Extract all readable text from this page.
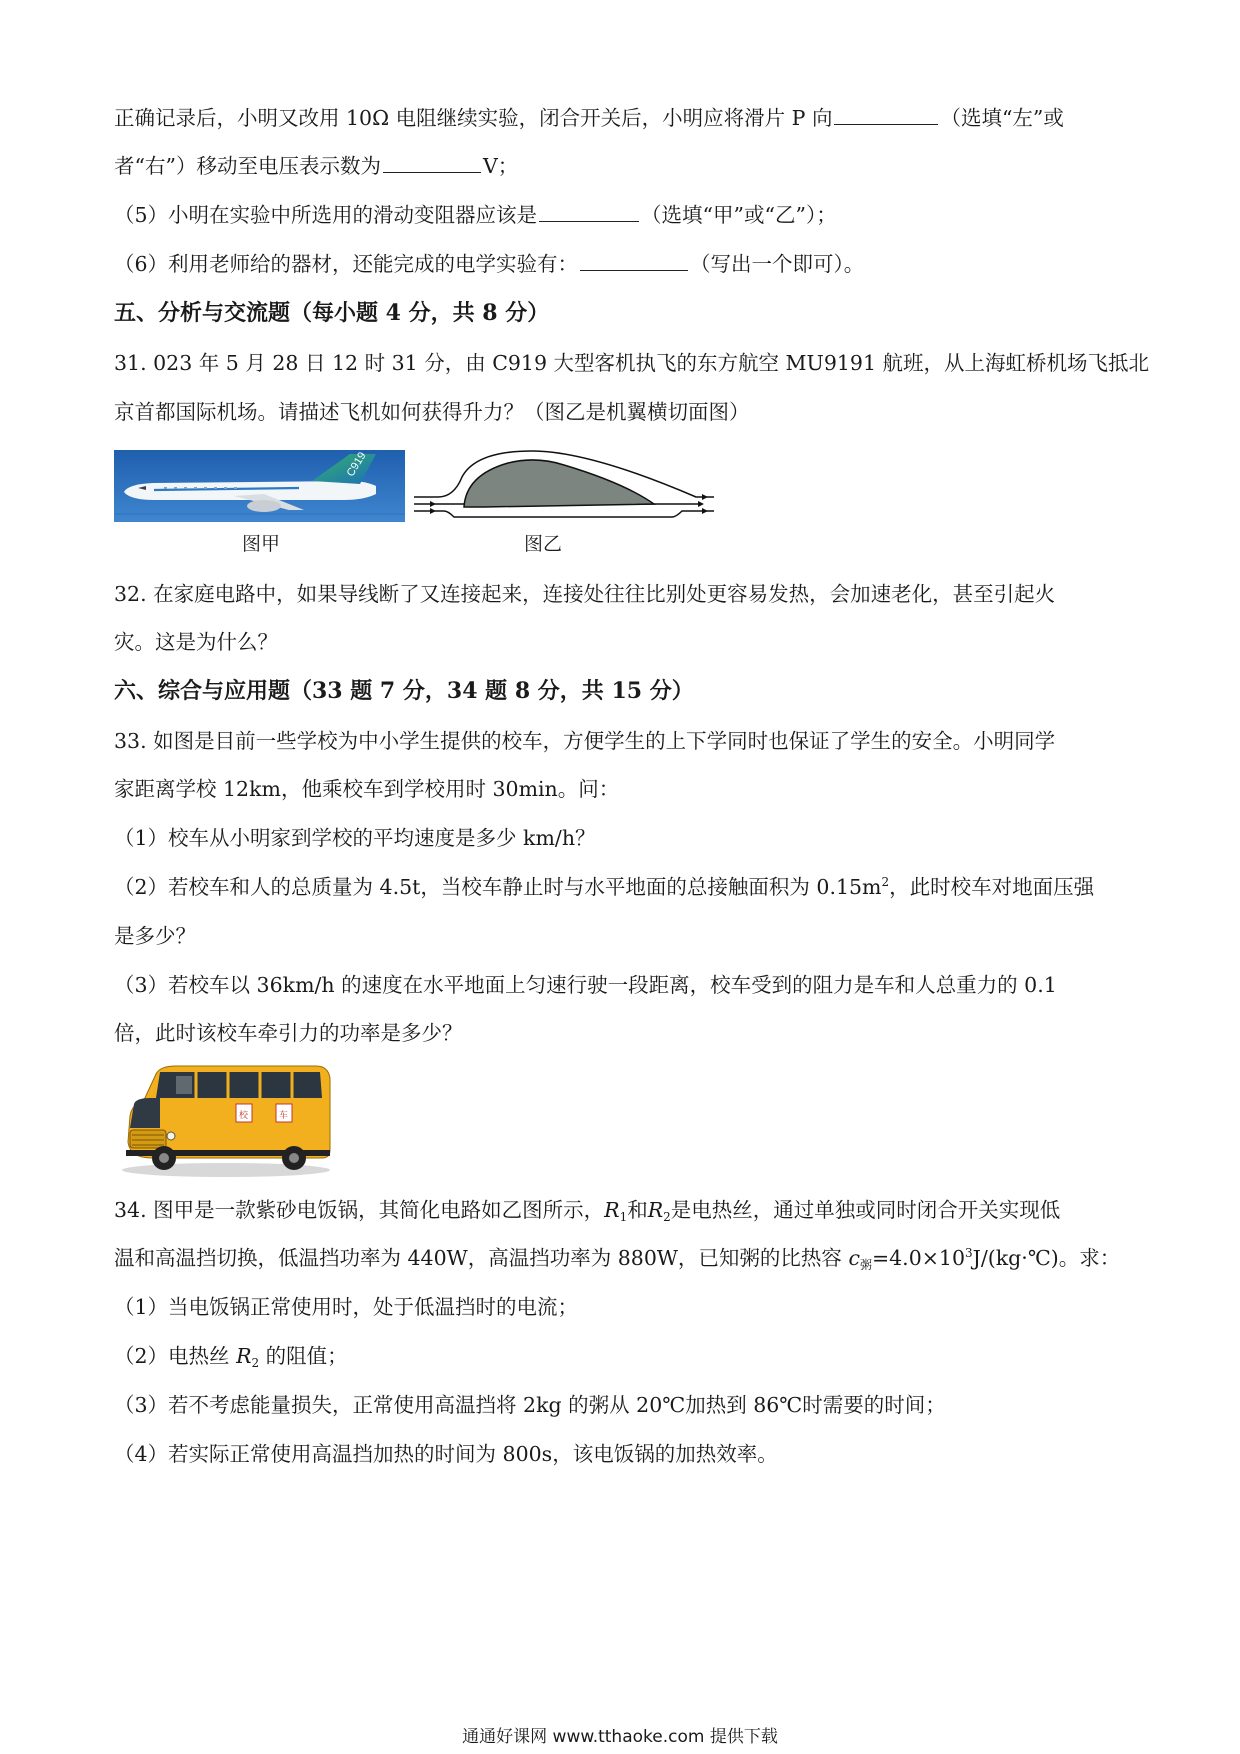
正确记录后，小明又改用 10Ω 电阻继续实验，闭合开关后，小明应将滑片 P 向	（选填“左”或
者“右”）移动至电压表示数为	V；
（5）小明在实验中所选用的滑动变阻器应该是	（选填“甲”或“乙”）；
（6）利用老师给的器材，还能完成的电学实验有：	（写出一个即可）。
五、分析与交流题（每小题 4 分，共 8 分）
31. 023 年 5 月 28 日 12 时 31 分，由 C919 大型客机执飞的东方航空 MU9191 航班，从上海虹桥机场飞抵北
京首都国际机场。请描述飞机如何获得升力？（图乙是机翼横切面图）
C919
图甲	图乙
32. 在家庭电路中，如果导线断了又连接起来，连接处往往比别处更容易发热，会加速老化，甚至引起火
灾。这是为什么？
六、综合与应用题（33 题 7 分，34 题 8 分，共 15 分）
33. 如图是目前一些学校为中小学生提供的校车，方便学生的上下学同时也保证了学生的安全。小明同学
家距离学校 12km，他乘校车到学校用时 30min。问：
（1）校车从小明家到学校的平均速度是多少 km/h？
（2）若校车和人的总质量为 4.5t，当校车静止时与水平地面的总接触面积为 $0.15m^2$，此时校车对地面压强
是多少？
（3）若校车以 36km/h 的速度在水平地面上匀速行驶一段距离，校车受到的阻力是车和人总重力的 0.1
倍，此时该校车牵引力的功率是多少？
校	车
34. 图甲是一款紫砂电饭锅，其简化电路如乙图所示，$R_1$和$R_2$是电热丝，通过单独或同时闭合开关实现低
温和高温挡切换，低温挡功率为 440W，高温挡功率为 880W，已知粥的比热容 $c_粥=4.0\times 10^3J/(kg\cdot℃)$。求：
（1）当电饭锅正常使用时，处于低温挡时的电流；
（2）电热丝 $R_2$ 的阻值；
（3）若不考虑能量损失，正常使用高温挡将 2kg 的粥从 20℃加热到 86℃时需要的时间；
（4）若实际正常使用高温挡加热的时间为 800s，该电饭锅的加热效率。
通通好课网 www.tthaoke.com 提供下载
